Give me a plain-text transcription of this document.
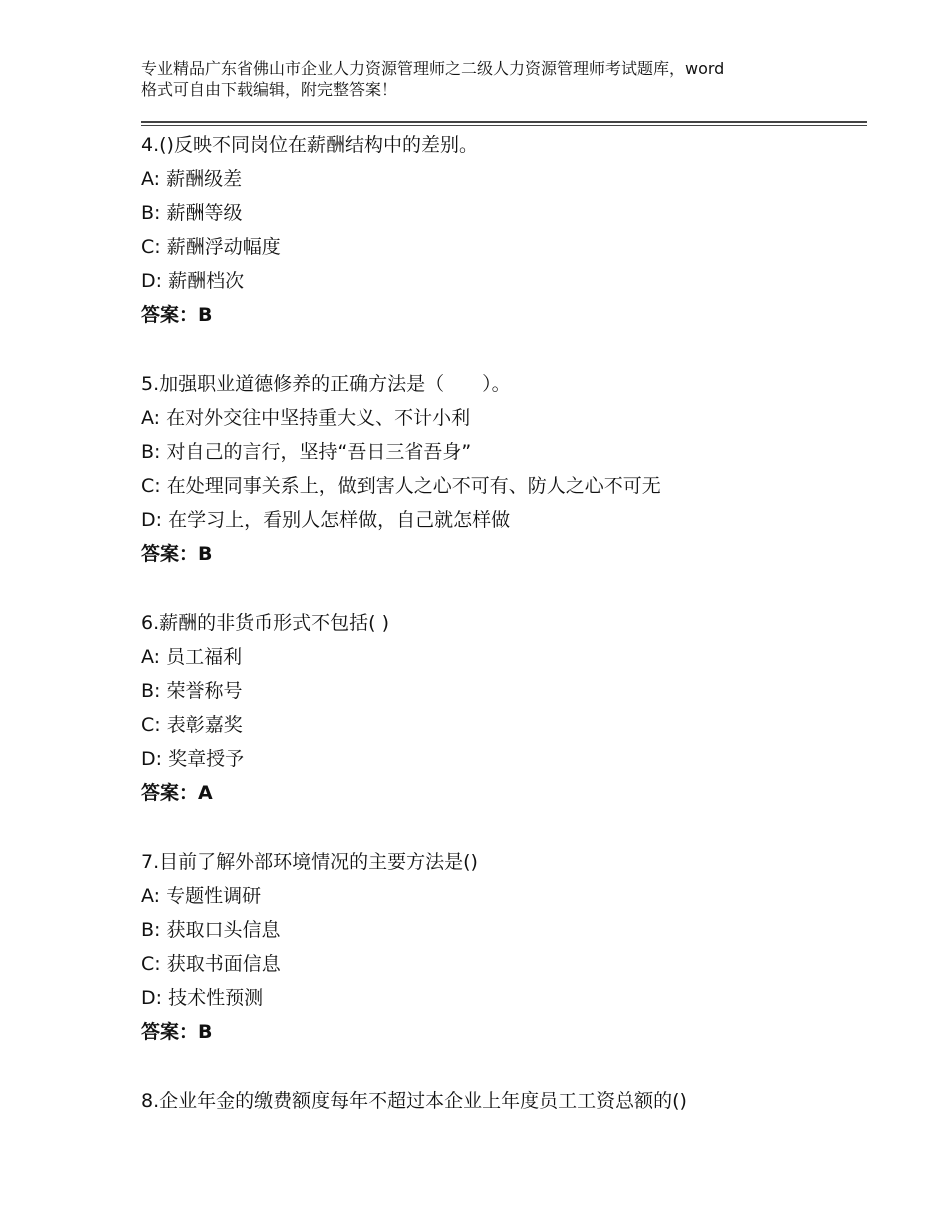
专业精品广东省佛山市企业人力资源管理师之二级人力资源管理师考试题库，word
格式可自由下载编辑，附完整答案！
4.()反映不同岗位在薪酬结构中的差别。
A: 薪酬级差
B: 薪酬等级
C: 薪酬浮动幅度
D: 薪酬档次
答案：B
5.加强职业道德修养的正确方法是（　　）。
A: 在对外交往中坚持重大义、不计小利
B: 对自己的言行，坚持“吾日三省吾身”
C: 在处理同事关系上，做到害人之心不可有、防人之心不可无
D: 在学习上，看别人怎样做，自己就怎样做
答案：B
6.薪酬的非货币形式不包括( )
A: 员工福利
B: 荣誉称号
C: 表彰嘉奖
D: 奖章授予
答案：A
7.目前了解外部环境情况的主要方法是()
A: 专题性调研
B: 获取口头信息
C: 获取书面信息
D: 技术性预测
答案：B
8.企业年金的缴费额度每年不超过本企业上年度员工工资总额的()
